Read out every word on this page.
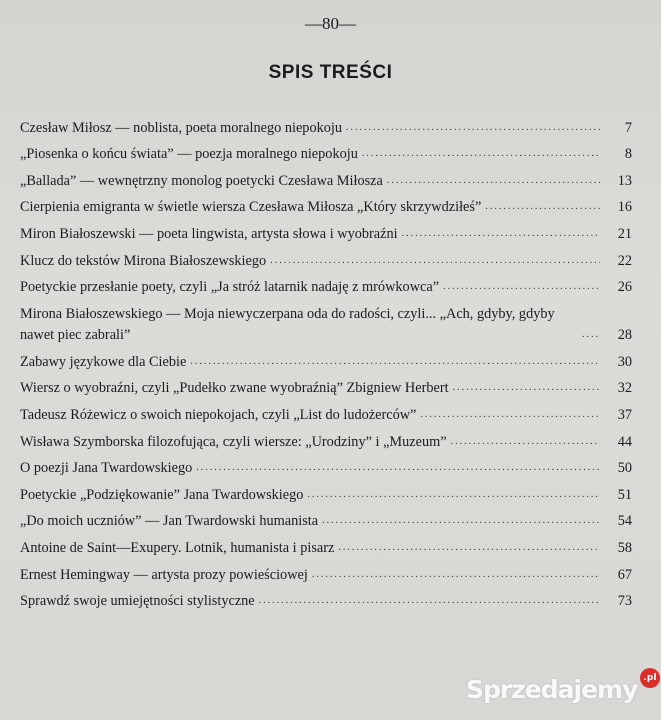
—80—
SPIS TREŚCI
Czesław Miłosz — noblista, poeta moralnego niepokoju .....	7
„Piosenka o końcu świata” — poezja moralnego niepokoju .....	8
„Ballada” — wewnętrzny monolog poetycki Czesława Miłosza .....	13
Cierpienia emigranta w świetle wiersza Czesława Miłosza „Który skrzywdziłeś” .....	16
Miron Białoszewski — poeta lingwista, artysta słowa i wyobraźni .....	21
Klucz do tekstów Mirona Białoszewskiego .....	22
Poetyckie przesłanie poety, czyli „Ja stróż latarnik nadaję z mrówkowca” .....	26
Mirona Białoszewskiego — Moja niewyczerpana oda do radości, czyli... „Ach, gdyby, gdyby nawet piec zabrali” .....	28
Zabawy językowe dla Ciebie .....	30
Wiersz o wyobraźni, czyli „Pudełko zwane wyobraźnią” Zbigniew Herbert .....	32
Tadeusz Różewicz o swoich niepokojach, czyli „List do ludożerców” .....	37
Wisława Szymborska filozofująca, czyli wiersze: „Urodziny” i „Muzeum” .....	44
O poezji Jana Twardowskiego .....	50
Poetyckie „Podziękowanie” Jana Twardowskiego .....	51
„Do moich uczniów” — Jan Twardowski humanista .....	54
Antoine de Saint—Exupery. Lotnik, humanista i pisarz .....	58
Ernest Hemingway — artysta prozy powieściowej .....	67
Sprawdź swoje umiejętności stylistyczne .....	73
Sprzedajemy .pl
